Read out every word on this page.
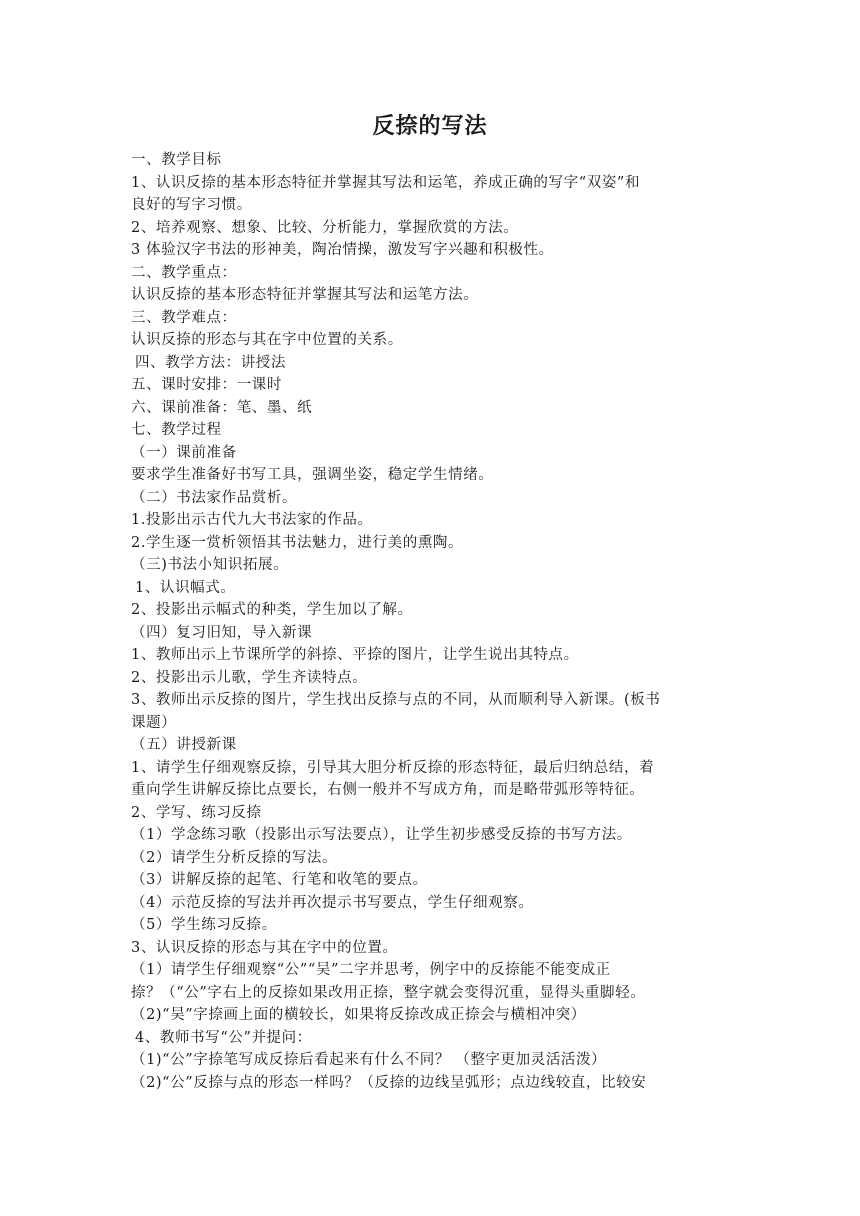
反捺的写法
一、教学目标
1、认识反捺的基本形态特征并掌握其写法和运笔，养成正确的写字“双姿”和
良好的写字习惯。
2、培养观察、想象、比较、分析能力，掌握欣赏的方法。
3 体验汉字书法的形神美，陶冶情操，激发写字兴趣和积极性。
二、教学重点：
认识反捺的基本形态特征并掌握其写法和运笔方法。
三、教学难点：
认识反捺的形态与其在字中位置的关系。
四、教学方法：讲授法
五、课时安排：一课时
六、课前准备：笔、墨、纸
七、教学过程
（一）课前准备
要求学生准备好书写工具，强调坐姿，稳定学生情绪。
（二）书法家作品赏析。
1.投影出示古代九大书法家的作品。
2.学生逐一赏析领悟其书法魅力，进行美的熏陶。
（三)书法小知识拓展。
1、认识幅式。
2、投影出示幅式的种类，学生加以了解。
（四）复习旧知，导入新课
1、教师出示上节课所学的斜捺、平捺的图片，让学生说出其特点。
2、投影出示儿歌，学生齐读特点。
3、教师出示反捺的图片，学生找出反捺与点的不同，从而顺利导入新课。(板书
课题）
（五）讲授新课
1、请学生仔细观察反捺，引导其大胆分析反捺的形态特征，最后归纳总结，着
重向学生讲解反捺比点要长，右侧一般并不写成方角，而是略带弧形等特征。
2、学写、练习反捺
（1）学念练习歌（投影出示写法要点），让学生初步感受反捺的书写方法。
（2）请学生分析反捺的写法。
（3）讲解反捺的起笔、行笔和收笔的要点。
（4）示范反捺的写法并再次提示书写要点，学生仔细观察。
（5）学生练习反捺。
3、认识反捺的形态与其在字中的位置。
（1）请学生仔细观察“公”“吴”二字并思考，例字中的反捺能不能变成正
捺？（“公”字右上的反捺如果改用正捺，整字就会变得沉重，显得头重脚轻。
（2)“吴”字捺画上面的横较长，如果将反捺改成正捺会与横相冲突）
4、教师书写“公”并提问：
（1)“公”字捺笔写成反捺后看起来有什么不同？ （整字更加灵活活泼）
（2)“公”反捺与点的形态一样吗？（反捺的边线呈弧形；点边线较直，比较安
